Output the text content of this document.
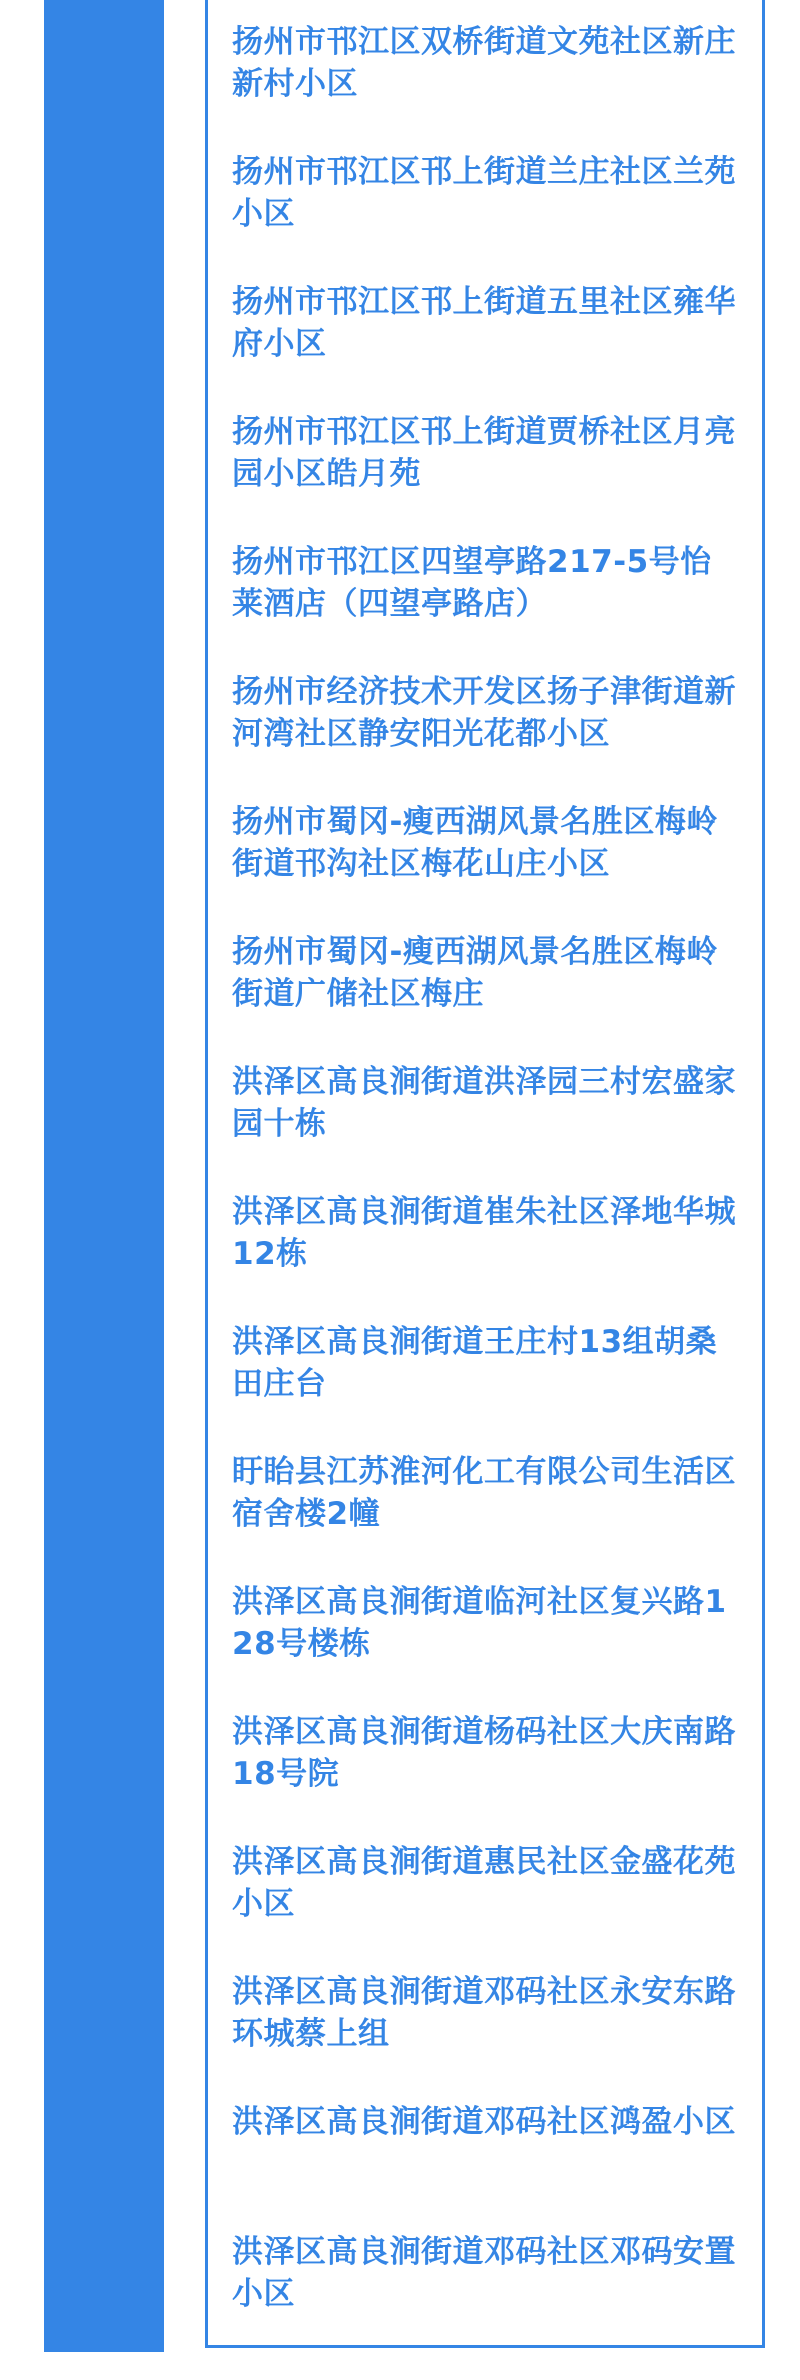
扬州市邗江区双桥街道文苑社区新庄新村小区
扬州市邗江区邗上街道兰庄社区兰苑小区
扬州市邗江区邗上街道五里社区雍华府小区
扬州市邗江区邗上街道贾桥社区月亮园小区皓月苑
扬州市邗江区四望亭路217-5号怡莱酒店（四望亭路店）
扬州市经济技术开发区扬子津街道新河湾社区静安阳光花都小区
扬州市蜀冈-瘦西湖风景名胜区梅岭街道邗沟社区梅花山庄小区
扬州市蜀冈-瘦西湖风景名胜区梅岭街道广储社区梅庄
洪泽区高良涧街道洪泽园三村宏盛家园十栋
洪泽区高良涧街道崔朱社区泽地华城12栋
洪泽区高良涧街道王庄村13组胡桑田庄台
盱眙县江苏淮河化工有限公司生活区宿舍楼2幢
洪泽区高良涧街道临河社区复兴路128号楼栋
洪泽区高良涧街道杨码社区大庆南路18号院
洪泽区高良涧街道惠民社区金盛花苑小区
洪泽区高良涧街道邓码社区永安东路环城蔡上组
洪泽区高良涧街道邓码社区鸿盈小区
洪泽区高良涧街道邓码社区邓码安置小区
